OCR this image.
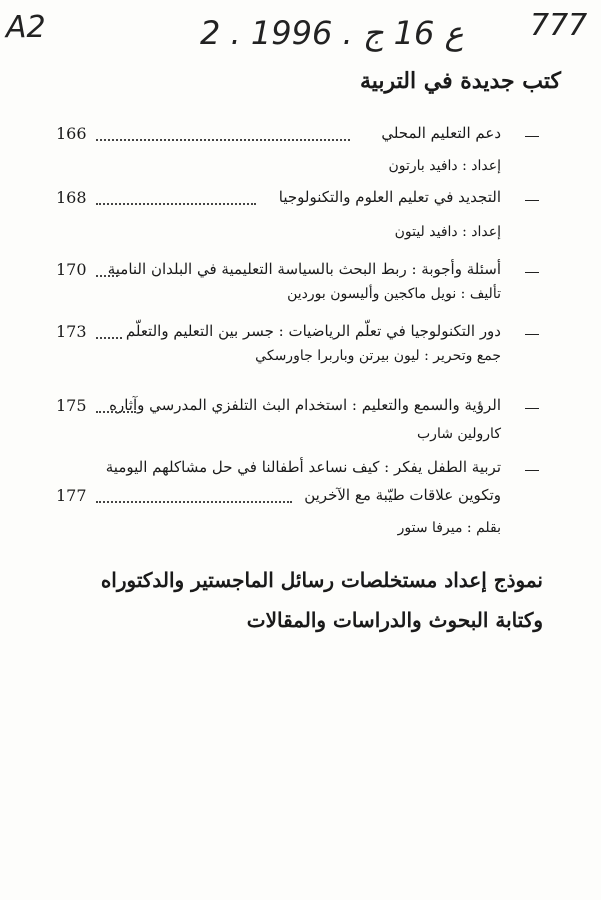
A2	2 . ع 16 ج . 1996 777
كتب جديدة في التربية
دعم التعليم المحلي
166
إعداد : دافيد بارتون
التجديد في تعليم العلوم والتكنولوجيا
168
إعداد : دافيد ليتون
أسئلة وأجوبة : ربط البحث بالسياسة التعليمية في البلدان النامية
170
تأليف : نويل ماكجين وأليسون بوردين
دور التكنولوجيا في تعلّم الرياضيات : جسر بين التعليم والتعلّم
173
جمع وتحرير : ليون بيرتن وباربرا جاورسكي
الرؤية والسمع والتعليم : استخدام البث التلفزي المدرسي وآثاره
175
كارولين شارب
تربية الطفل يفكر : كيف نساعد أطفالنا في حل مشاكلهم اليومية
وتكوين علاقات طيّبة مع الآخرين
177
بقلم : ميرفا ستور
نموذج إعداد مستخلصات رسائل الماجستير والدكتوراه
وكتابة البحوث والدراسات والمقالات
